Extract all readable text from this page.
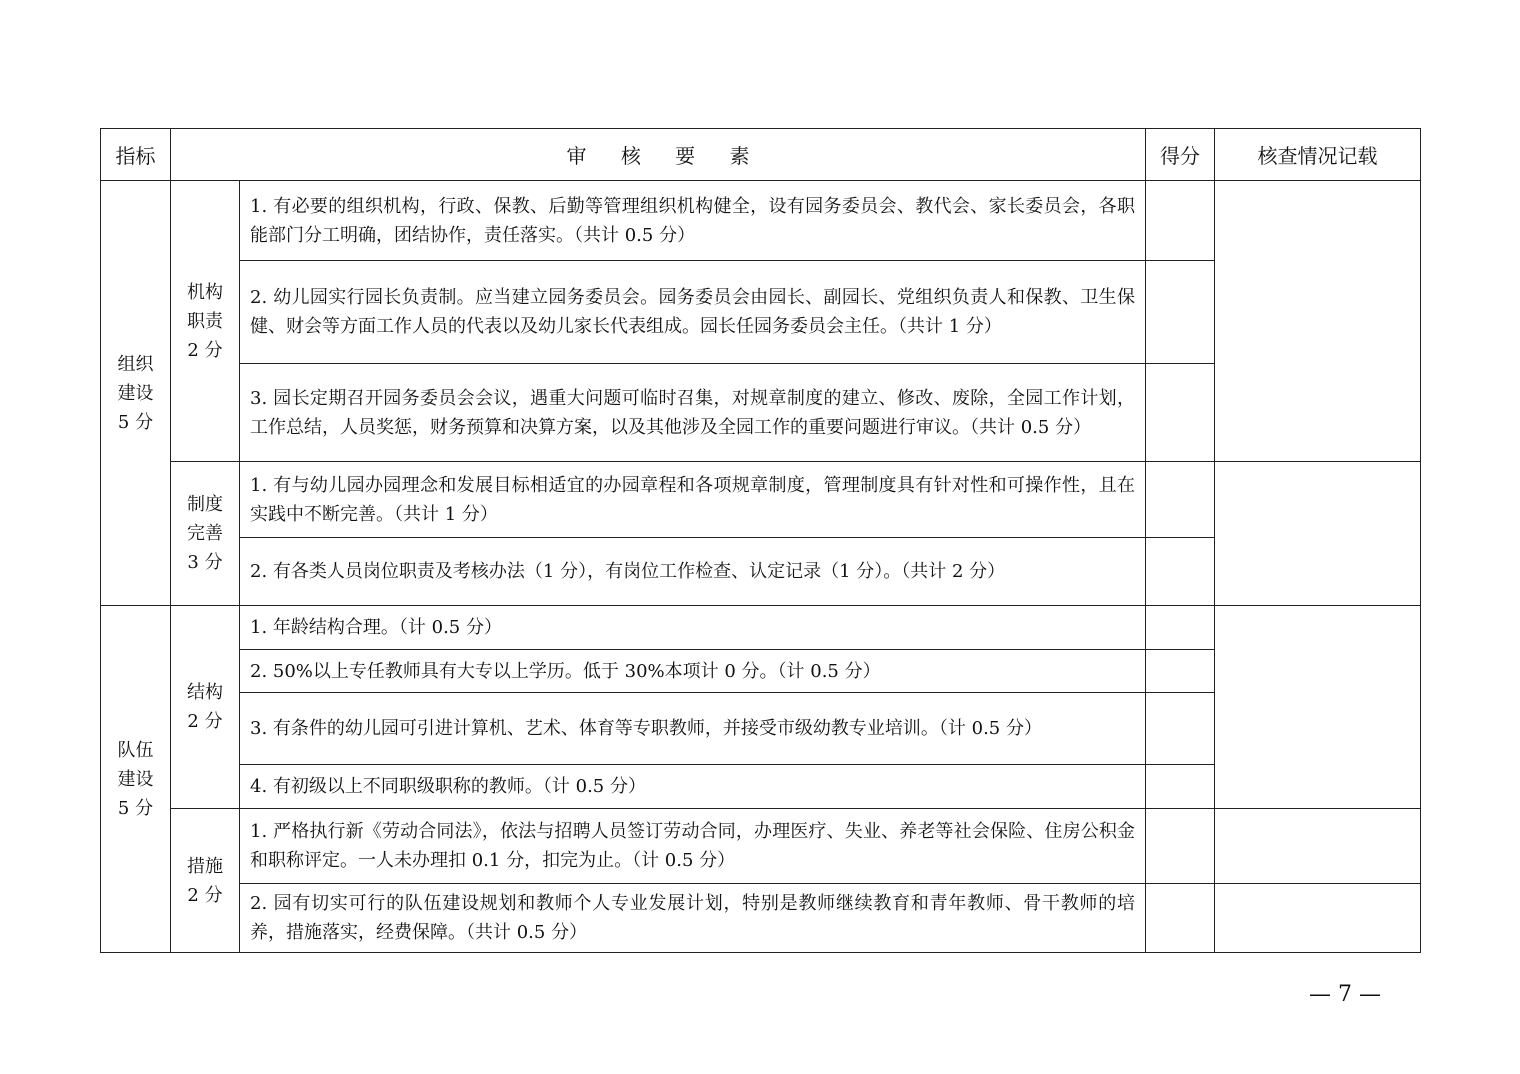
指标	审 核 要 素		得分	核查情况记载

组织
建设
5 分	机构
职责
2 分	1. 有必要的组织机构，行政、保教、后勤等管理组织机构健全，设有园务委员会、教代会、家长委员会，各职能部门分工明确，团结协作，责任落实。（共计 0.5 分）		
		2. 幼儿园实行园长负责制。应当建立园务委员会。园务委员会由园长、副园长、党组织负责人和保教、卫生保健、财会等方面工作人员的代表以及幼儿家长代表组成。园长任园务委员会主任。（共计 1 分）		
		3. 园长定期召开园务委员会会议，遇重大问题可临时召集，对规章制度的建立、修改、废除，全园工作计划，工作总结，人员奖惩，财务预算和决算方案，以及其他涉及全园工作的重要问题进行审议。（共计 0.5 分）		

	制度
完善
3 分	1. 有与幼儿园办园理念和发展目标相适宜的办园章程和各项规章制度，管理制度具有针对性和可操作性，且在实践中不断完善。（共计 1 分）		
		2. 有各类人员岗位职责及考核办法（1 分），有岗位工作检查、认定记录（1 分）。（共计 2 分）		

队伍
建设
5 分	结构
2 分	1. 年龄结构合理。（计 0.5 分）		
		2. 50%以上专任教师具有大专以上学历。低于 30%本项计 0 分。（计 0.5 分）		
		3. 有条件的幼儿园可引进计算机、艺术、体育等专职教师，并接受市级幼教专业培训。（计 0.5 分）		
		4. 有初级以上不同职级职称的教师。（计 0.5 分）		

	措施
2 分	1. 严格执行新《劳动合同法》，依法与招聘人员签订劳动合同，办理医疗、失业、养老等社会保险、住房公积金和职称评定。一人未办理扣 0.1 分，扣完为止。（计 0.5 分）		
		2. 园有切实可行的队伍建设规划和教师个人专业发展计划，特别是教师继续教育和青年教师、骨干教师的培养，措施落实，经费保障。（共计 0.5 分）		
— 7 —
